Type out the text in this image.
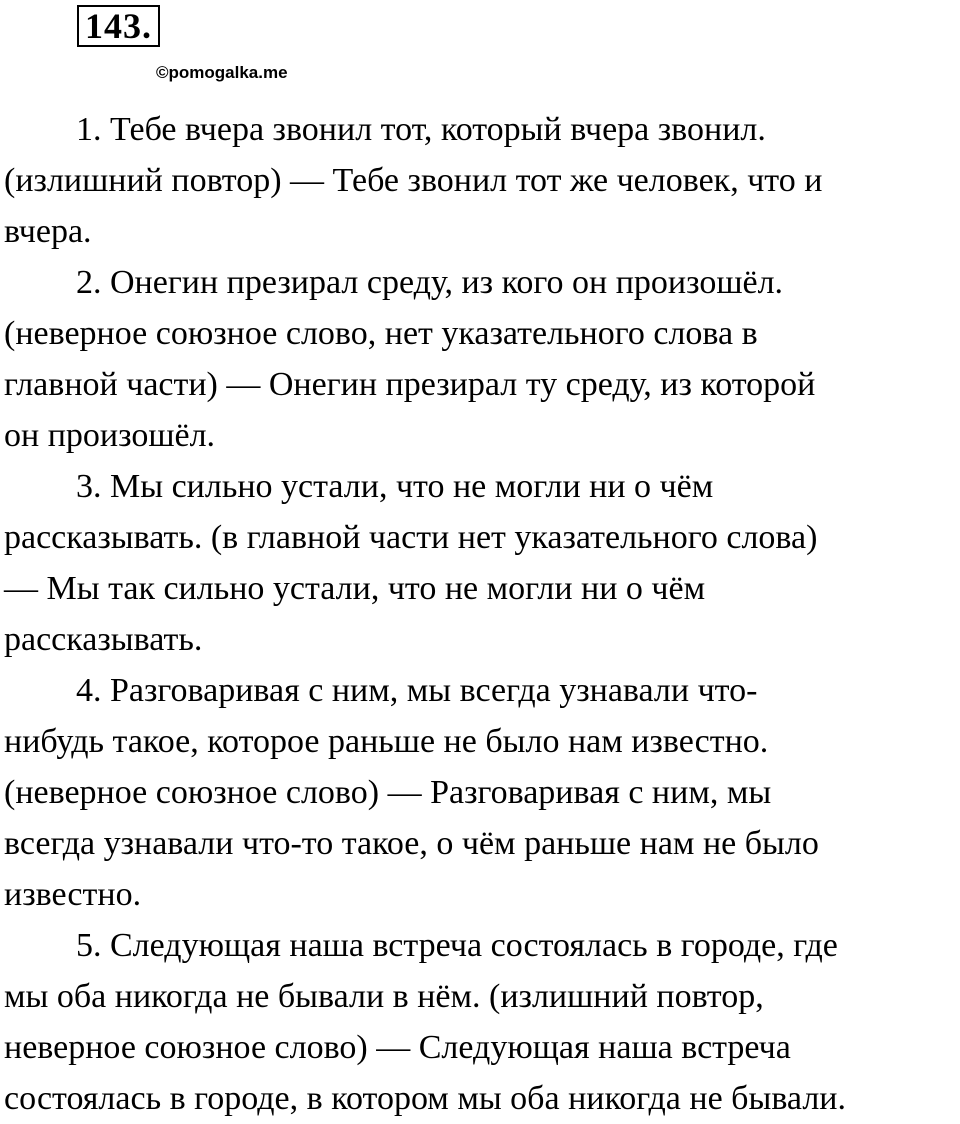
143.
©pomogalka.me

1. Тебе вчера звонил тот, который вчера звонил.
(излишний повтор) — Тебе звонил тот же человек, что и
вчера.

2. Онегин презирал среду, из кого он произошёл.
(неверное союзное слово, нет указательного слова в
главной части) — Онегин презирал ту среду, из которой
он произошёл.

3. Мы сильно устали, что не могли ни о чём
рассказывать. (в главной части нет указательного слова)
— Мы так сильно устали, что не могли ни о чём
рассказывать.

4. Разговаривая с ним, мы всегда узнавали что-
нибудь такое, которое раньше не было нам известно.
(неверное союзное слово) — Разговаривая с ним, мы
всегда узнавали что-то такое, о чём раньше нам не было
известно.

5. Следующая наша встреча состоялась в городе, где
мы оба никогда не бывали в нём. (излишний повтор,
неверное союзное слово) — Следующая наша встреча
состоялась в городе, в котором мы оба никогда не бывали.
